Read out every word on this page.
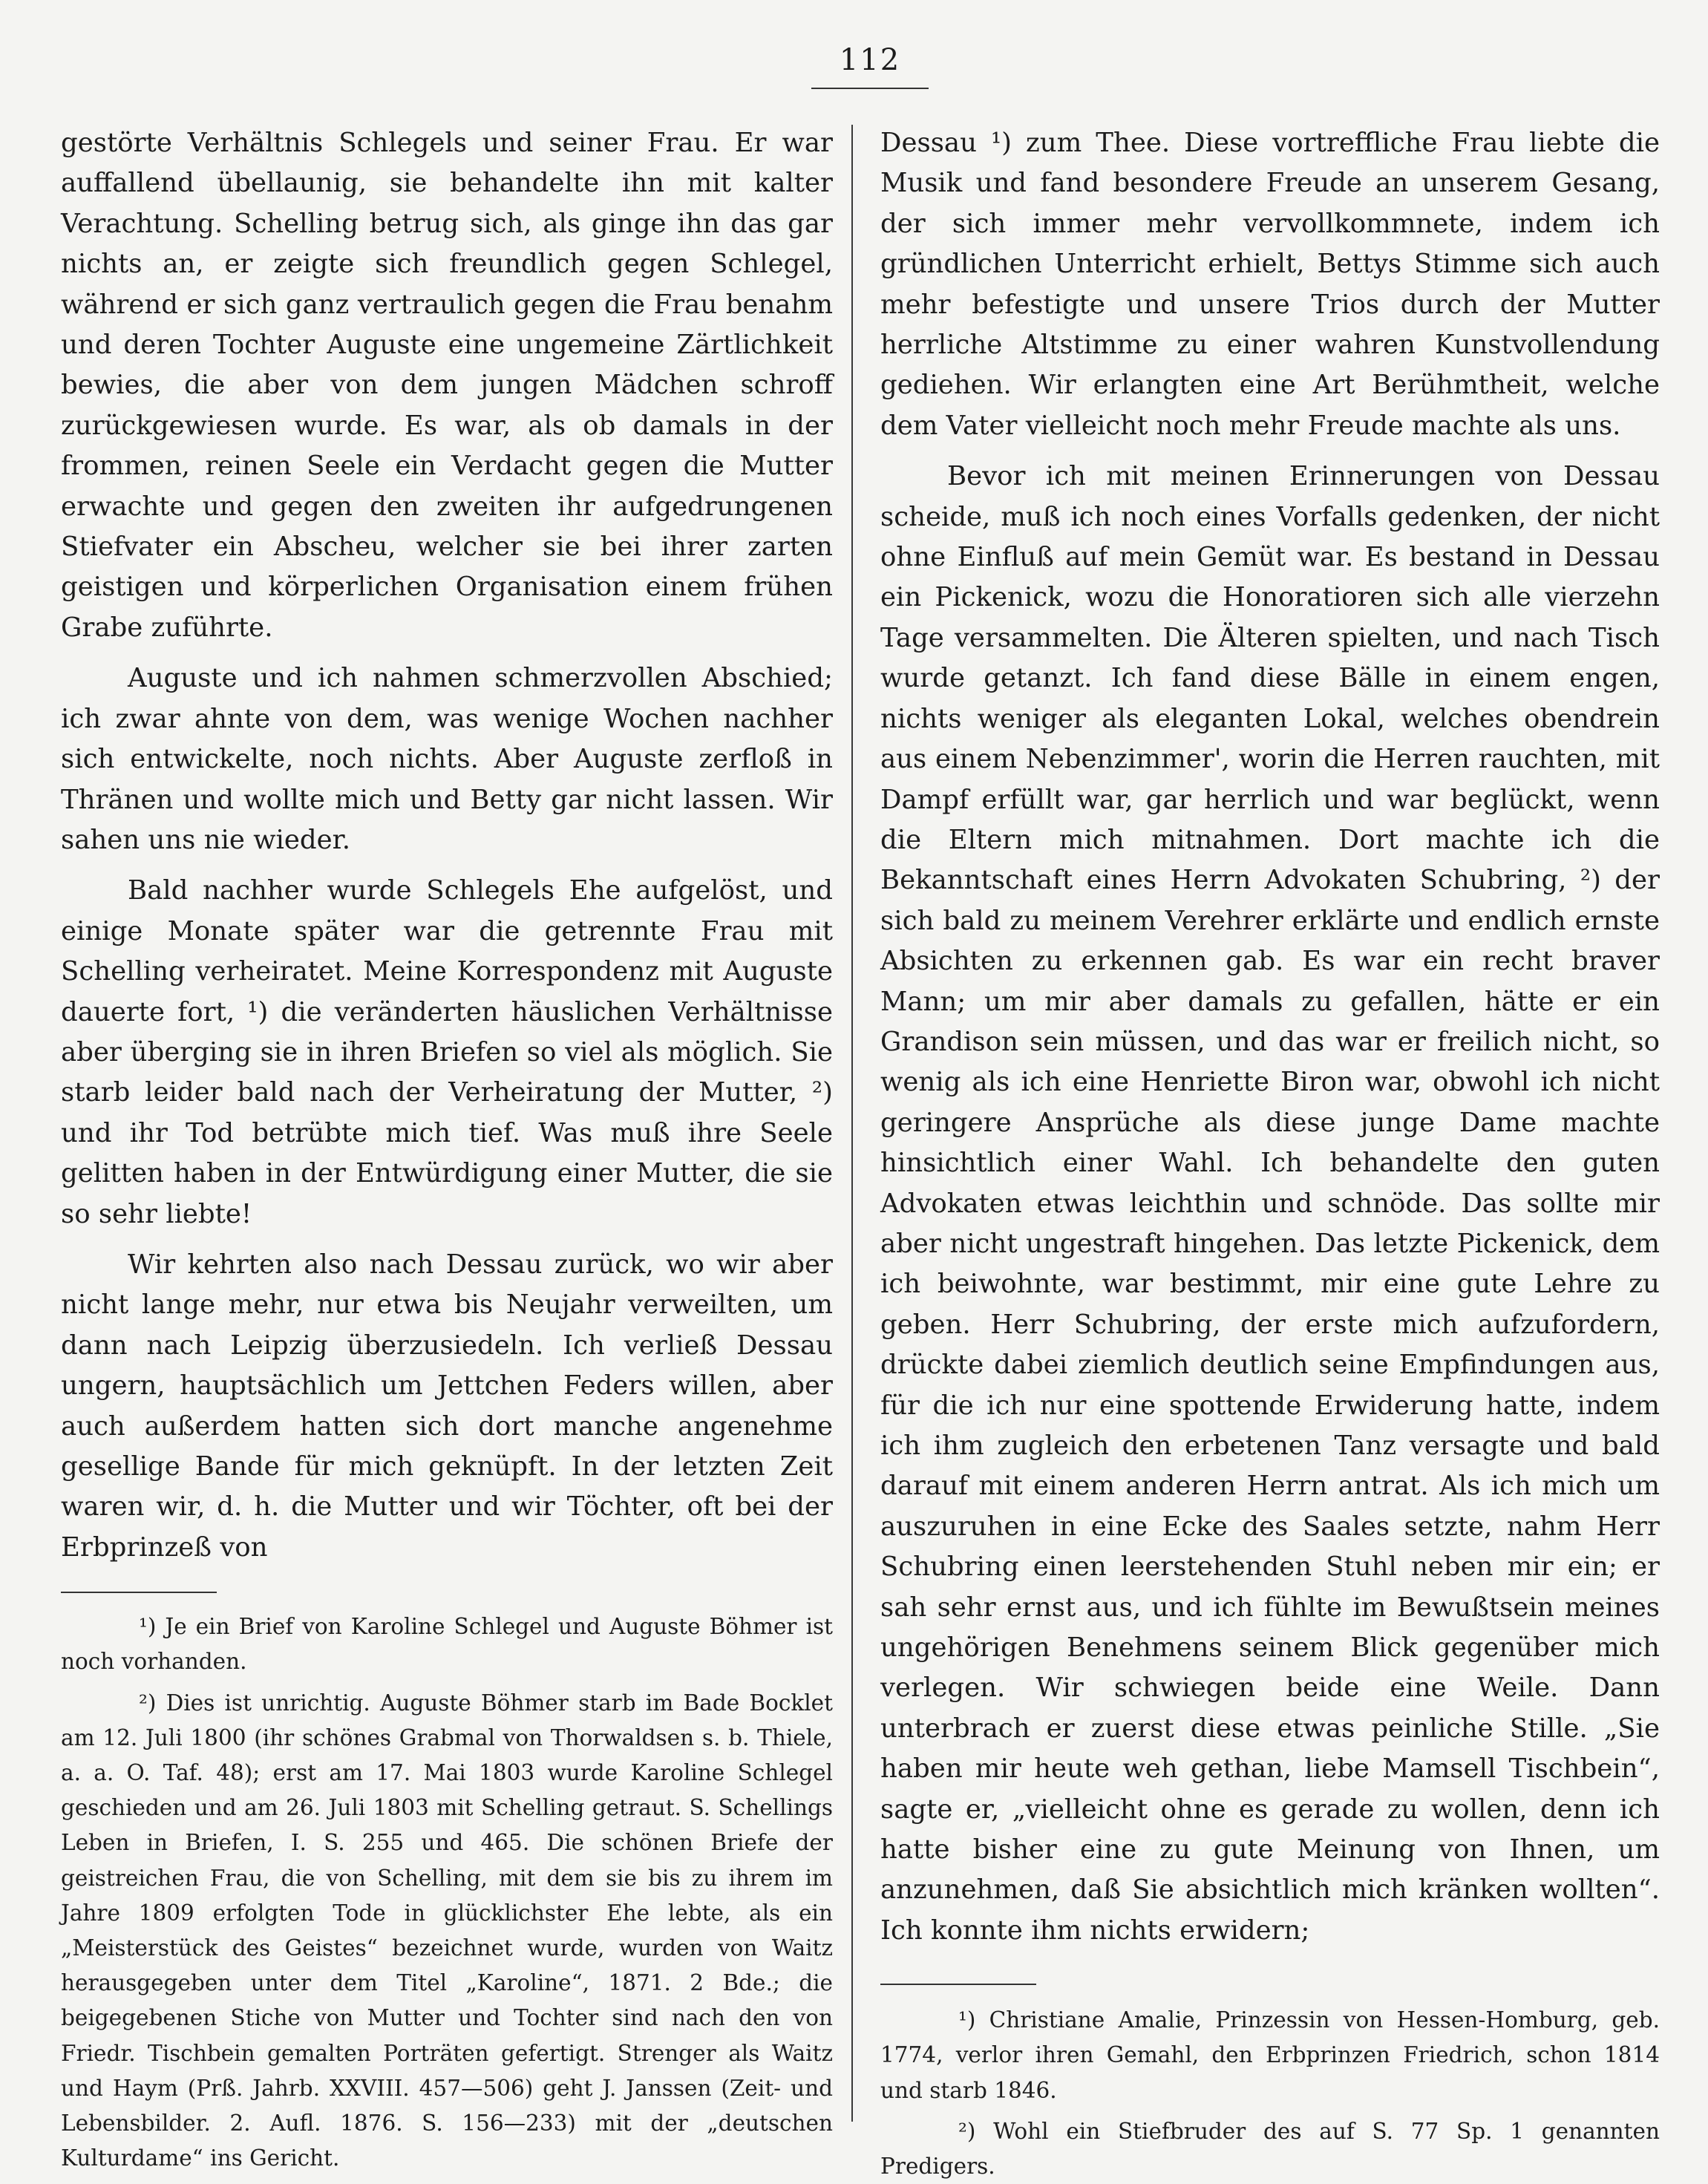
112

gestörte Verhältnis Schlegels und seiner Frau. Er war auffallend übellaunig, sie behandelte ihn mit kalter Verachtung. Schelling betrug sich, als ginge ihn das gar nichts an, er zeigte sich freundlich gegen Schlegel, während er sich ganz vertraulich gegen die Frau benahm und deren Tochter Auguste eine ungemeine Zärtlichkeit bewies, die aber von dem jungen Mädchen schroff zurückgewiesen wurde. Es war, als ob damals in der frommen, reinen Seele ein Verdacht gegen die Mutter erwachte und gegen den zweiten ihr aufgedrungenen Stiefvater ein Abscheu, welcher sie bei ihrer zarten geistigen und körperlichen Organisation einem frühen Grabe zuführte.

Auguste und ich nahmen schmerzvollen Abschied; ich zwar ahnte von dem, was wenige Wochen nachher sich entwickelte, noch nichts. Aber Auguste zerfloß in Thränen und wollte mich und Betty gar nicht lassen. Wir sahen uns nie wieder.

Bald nachher wurde Schlegels Ehe aufgelöst, und einige Monate später war die getrennte Frau mit Schelling verheiratet. Meine Korrespondenz mit Auguste dauerte fort, ¹) die veränderten häuslichen Verhältnisse aber überging sie in ihren Briefen so viel als möglich. Sie starb leider bald nach der Verheiratung der Mutter, ²) und ihr Tod betrübte mich tief. Was muß ihre Seele gelitten haben in der Entwürdigung einer Mutter, die sie so sehr liebte!

Wir kehrten also nach Dessau zurück, wo wir aber nicht lange mehr, nur etwa bis Neujahr verweilten, um dann nach Leipzig überzusiedeln. Ich verließ Dessau ungern, hauptsächlich um Jettchen Feders willen, aber auch außerdem hatten sich dort manche angenehme gesellige Bande für mich geknüpft. In der letzten Zeit waren wir, d. h. die Mutter und wir Töchter, oft bei der Erbprinzeß von

¹) Je ein Brief von Karoline Schlegel und Auguste Böhmer ist noch vorhanden.

²) Dies ist unrichtig. Auguste Böhmer starb im Bade Bocklet am 12. Juli 1800 (ihr schönes Grabmal von Thorwaldsen s. b. Thiele, a. a. O. Taf. 48); erst am 17. Mai 1803 wurde Karoline Schlegel geschieden und am 26. Juli 1803 mit Schelling getraut. S. Schellings Leben in Briefen, I. S. 255 und 465. Die schönen Briefe der geistreichen Frau, die von Schelling, mit dem sie bis zu ihrem im Jahre 1809 erfolgten Tode in glücklichster Ehe lebte, als ein „Meisterstück des Geistes“ bezeichnet wurde, wurden von Waitz herausgegeben unter dem Titel „Karoline“, 1871. 2 Bde.; die beigegebenen Stiche von Mutter und Tochter sind nach den von Friedr. Tischbein gemalten Porträten gefertigt. Strenger als Waitz und Haym (Prß. Jahrb. XXVIII. 457—506) geht J. Janssen (Zeit- und Lebensbilder. 2. Aufl. 1876. S. 156—233) mit der „deutschen Kulturdame“ ins Gericht.

Dessau ¹) zum Thee. Diese vortreffliche Frau liebte die Musik und fand besondere Freude an unserem Gesang, der sich immer mehr vervollkommnete, indem ich gründlichen Unterricht erhielt, Bettys Stimme sich auch mehr befestigte und unsere Trios durch der Mutter herrliche Altstimme zu einer wahren Kunstvollendung gediehen. Wir erlangten eine Art Berühmtheit, welche dem Vater vielleicht noch mehr Freude machte als uns.

Bevor ich mit meinen Erinnerungen von Dessau scheide, muß ich noch eines Vorfalls gedenken, der nicht ohne Einfluß auf mein Gemüt war. Es bestand in Dessau ein Pickenick, wozu die Honoratioren sich alle vierzehn Tage versammelten. Die Älteren spielten, und nach Tisch wurde getanzt. Ich fand diese Bälle in einem engen, nichts weniger als eleganten Lokal, welches obendrein aus einem Nebenzimmer', worin die Herren rauchten, mit Dampf erfüllt war, gar herrlich und war beglückt, wenn die Eltern mich mitnahmen. Dort machte ich die Bekanntschaft eines Herrn Advokaten Schubring, ²) der sich bald zu meinem Verehrer erklärte und endlich ernste Absichten zu erkennen gab. Es war ein recht braver Mann; um mir aber damals zu gefallen, hätte er ein Grandison sein müssen, und das war er freilich nicht, so wenig als ich eine Henriette Biron war, obwohl ich nicht geringere Ansprüche als diese junge Dame machte hinsichtlich einer Wahl. Ich behandelte den guten Advokaten etwas leichthin und schnöde. Das sollte mir aber nicht ungestraft hingehen. Das letzte Pickenick, dem ich beiwohnte, war bestimmt, mir eine gute Lehre zu geben. Herr Schubring, der erste mich aufzufordern, drückte dabei ziemlich deutlich seine Empfindungen aus, für die ich nur eine spottende Erwiderung hatte, indem ich ihm zugleich den erbetenen Tanz versagte und bald darauf mit einem anderen Herrn antrat. Als ich mich um auszuruhen in eine Ecke des Saales setzte, nahm Herr Schubring einen leerstehenden Stuhl neben mir ein; er sah sehr ernst aus, und ich fühlte im Bewußtsein meines ungehörigen Benehmens seinem Blick gegenüber mich verlegen. Wir schwiegen beide eine Weile. Dann unterbrach er zuerst diese etwas peinliche Stille. „Sie haben mir heute weh gethan, liebe Mamsell Tischbein“, sagte er, „vielleicht ohne es gerade zu wollen, denn ich hatte bisher eine zu gute Meinung von Ihnen, um anzunehmen, daß Sie absichtlich mich kränken wollten“. Ich konnte ihm nichts erwidern;

¹) Christiane Amalie, Prinzessin von Hessen-Homburg, geb. 1774, verlor ihren Gemahl, den Erbprinzen Friedrich, schon 1814 und starb 1846.

²) Wohl ein Stiefbruder des auf S. 77 Sp. 1 genannten Predigers.
